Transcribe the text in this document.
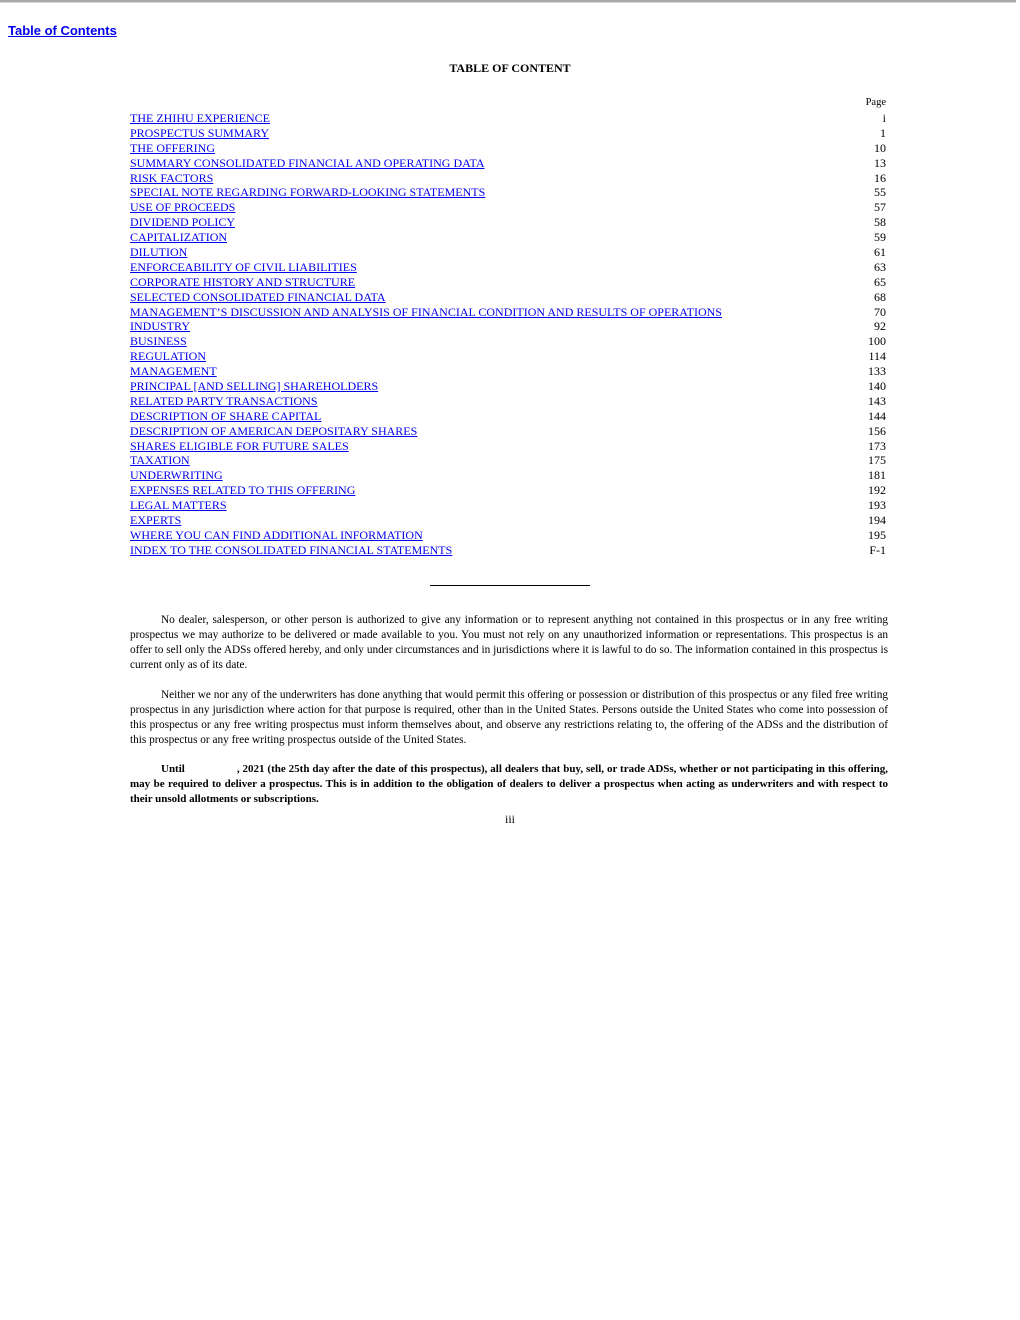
Table of Contents
TABLE OF CONTENT
Page
THE ZHIHU EXPERIENCE	i
PROSPECTUS SUMMARY	1
THE OFFERING	10
SUMMARY CONSOLIDATED FINANCIAL AND OPERATING DATA	13
RISK FACTORS	16
SPECIAL NOTE REGARDING FORWARD-LOOKING STATEMENTS	55
USE OF PROCEEDS	57
DIVIDEND POLICY	58
CAPITALIZATION	59
DILUTION	61
ENFORCEABILITY OF CIVIL LIABILITIES	63
CORPORATE HISTORY AND STRUCTURE	65
SELECTED CONSOLIDATED FINANCIAL DATA	68
MANAGEMENT’S DISCUSSION AND ANALYSIS OF FINANCIAL CONDITION AND RESULTS OF OPERATIONS	70
INDUSTRY	92
BUSINESS	100
REGULATION	114
MANAGEMENT	133
PRINCIPAL [AND SELLING] SHAREHOLDERS	140
RELATED PARTY TRANSACTIONS	143
DESCRIPTION OF SHARE CAPITAL	144
DESCRIPTION OF AMERICAN DEPOSITARY SHARES	156
SHARES ELIGIBLE FOR FUTURE SALES	173
TAXATION	175
UNDERWRITING	181
EXPENSES RELATED TO THIS OFFERING	192
LEGAL MATTERS	193
EXPERTS	194
WHERE YOU CAN FIND ADDITIONAL INFORMATION	195
INDEX TO THE CONSOLIDATED FINANCIAL STATEMENTS	F-1

No dealer, salesperson, or other person is authorized to give any information or to represent anything not contained in this prospectus or in any free writing prospectus we may authorize to be delivered or made available to you. You must not rely on any unauthorized information or representations. This prospectus is an offer to sell only the ADSs offered hereby, and only under circumstances and in jurisdictions where it is lawful to do so. The information contained in this prospectus is current only as of its date.

Neither we nor any of the underwriters has done anything that would permit this offering or possession or distribution of this prospectus or any filed free writing prospectus in any jurisdiction where action for that purpose is required, other than in the United States. Persons outside the United States who come into possession of this prospectus or any free writing prospectus must inform themselves about, and observe any restrictions relating to, the offering of the ADSs and the distribution of this prospectus or any free writing prospectus outside of the United States.

Until	, 2021 (the 25th day after the date of this prospectus), all dealers that buy, sell, or trade ADSs, whether or not participating in this offering, may be required to deliver a prospectus. This is in addition to the obligation of dealers to deliver a prospectus when acting as underwriters and with respect to their unsold allotments or subscriptions.

iii
